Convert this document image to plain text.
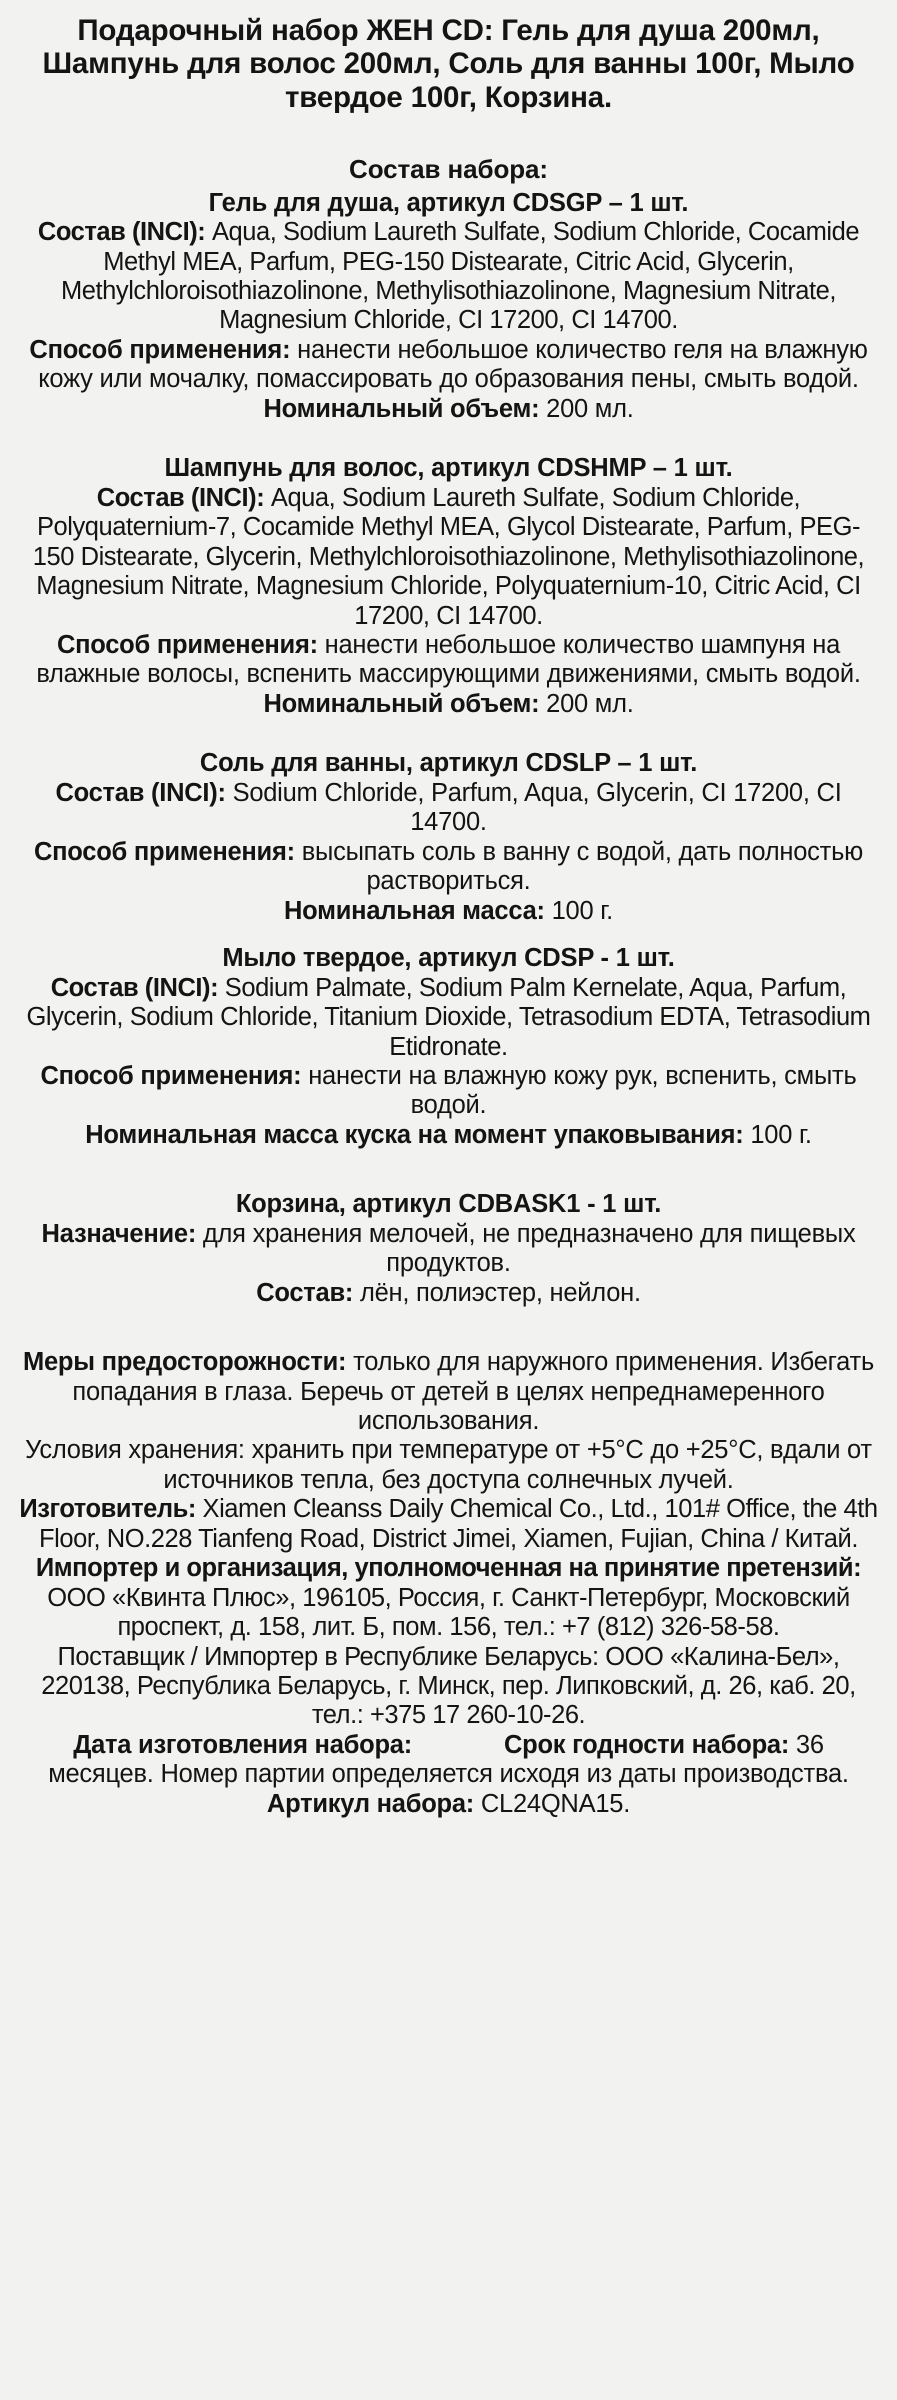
Подарочный набор ЖЕН CD: Гель для душа 200мл, Шампунь для волос 200мл, Соль для ванны 100г, Мыло твердое 100г, Корзина.
Состав набора:
Гель для душа, артикул CDSGP – 1 шт.
Состав (INCI): Aqua, Sodium Laureth Sulfate, Sodium Chloride, Cocamide Methyl MEA, Parfum, PEG-150 Distearate, Citric Acid, Glycerin, Methylchloroisothiazolinone, Methylisothiazolinone, Magnesium Nitrate, Magnesium Chloride, CI 17200, CI 14700.
Способ применения: нанести небольшое количество геля на влажную кожу или мочалку, помассировать до образования пены, смыть водой.
Номинальный объем: 200 мл.
Шампунь для волос, артикул CDSHMP – 1 шт.
Состав (INCI): Aqua, Sodium Laureth Sulfate, Sodium Chloride, Polyquaternium-7, Cocamide Methyl MEA, Glycol Distearate, Parfum, PEG-150 Distearate, Glycerin, Methylchloroisothiazolinone, Methylisothiazolinone, Magnesium Nitrate, Magnesium Chloride, Polyquaternium-10, Citric Acid, CI 17200, CI 14700.
Способ применения: нанести небольшое количество шампуня на влажные волосы, вспенить массирующими движениями, смыть водой.
Номинальный объем: 200 мл.
Соль для ванны, артикул CDSLP – 1 шт.
Состав (INCI): Sodium Chloride, Parfum, Aqua, Glycerin, CI 17200, CI 14700.
Способ применения: высыпать соль в ванну с водой, дать полностью раствориться.
Номинальная масса: 100 г.
Мыло твердое, артикул CDSP - 1 шт.
Состав (INCI): Sodium Palmate, Sodium Palm Kernelate, Aqua, Parfum, Glycerin, Sodium Chloride, Titanium Dioxide, Tetrasodium EDTA, Tetrasodium Etidronate.
Способ применения: нанести на влажную кожу рук, вспенить, смыть водой.
Номинальная масса куска на момент упаковывания: 100 г.
Корзина, артикул CDBASK1 - 1 шт.
Назначение: для хранения мелочей, не предназначено для пищевых продуктов.
Состав: лён, полиэстер, нейлон.
Меры предосторожности: только для наружного применения. Избегать попадания в глаза. Беречь от детей в целях непреднамеренного использования.
Условия хранения: хранить при температуре от +5°C до +25°C, вдали от источников тепла, без доступа солнечных лучей.
Изготовитель: Xiamen Cleanss Daily Chemical Co., Ltd., 101# Office, the 4th Floor, NO.228 Tianfeng Road, District Jimei, Xiamen, Fujian, China / Китай.
Импортер и организация, уполномоченная на принятие претензий: ООО «Квинта Плюс», 196105, Россия, г. Санкт-Петербург, Московский проспект, д. 158, лит. Б, пом. 156, тел.: +7 (812) 326-58-58.
Поставщик / Импортер в Республике Беларусь: ООО «Калина-Бел», 220138, Республика Беларусь, г. Минск, пер. Липковский, д. 26, каб. 20, тел.: +375 17 260-10-26.
Дата изготовления набора:	Срок годности набора: 36 месяцев. Номер партии определяется исходя из даты производства.
Артикул набора: CL24QNA15.
